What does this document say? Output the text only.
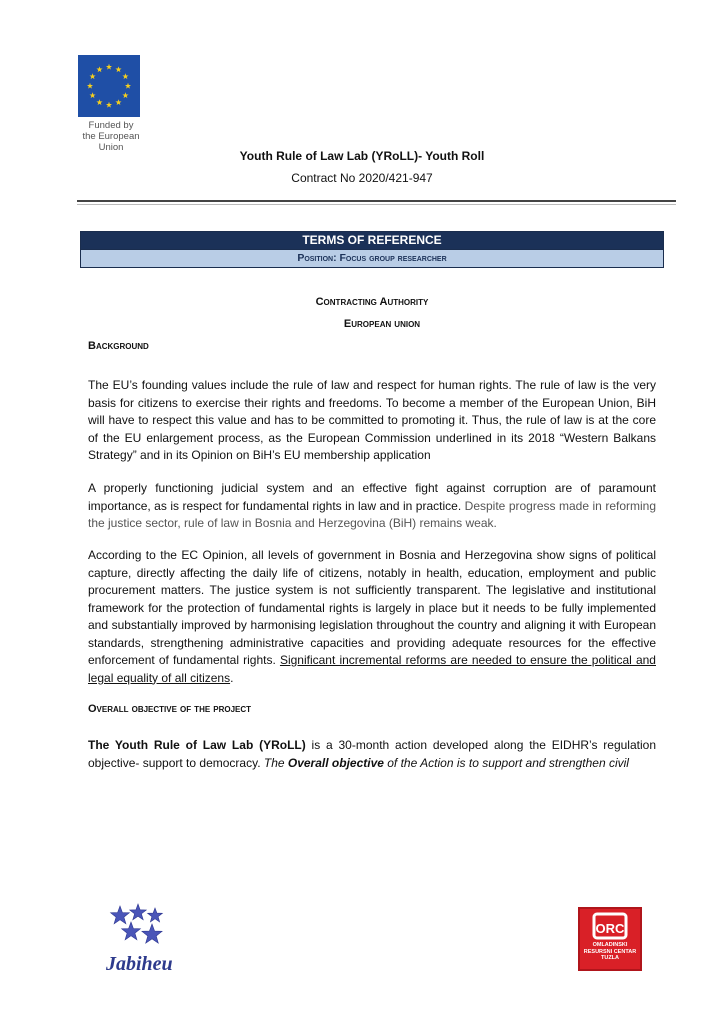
Funded by
the European Union
Youth Rule of Law Lab (YRoLL)- Youth Roll
Contract No 2020/421-947
TERMS OF REFERENCE
Position: Focus group researcher
Contracting Authority
European union
Background
The EU’s founding values include the rule of law and respect for human rights. The rule of law is the very basis for citizens to exercise their rights and freedoms. To become a member of the European Union, BiH will have to respect this value and has to be committed to promoting it. Thus, the rule of law is at the core of the EU enlargement process, as the European Commission underlined in its 2018 “Western Balkans Strategy” and in its Opinion on BiH’s EU membership application
A properly functioning judicial system and an effective fight against corruption are of paramount importance, as is respect for fundamental rights in law and in practice. Despite progress made in reforming the justice sector, rule of law in Bosnia and Herzegovina (BiH) remains weak.
According to the EC Opinion, all levels of government in Bosnia and Herzegovina show signs of political capture, directly affecting the daily life of citizens, notably in health, education, employment and public procurement matters. The justice system is not sufficiently transparent. The legislative and institutional framework for the protection of fundamental rights is largely in place but it needs to be fully implemented and substantially improved by harmonising legislation throughout the country and aligning it with European standards, strengthening administrative capacities and providing adequate resources for the effective enforcement of fundamental rights. Significant incremental reforms are needed to ensure the political and legal equality of all citizens.
Overall objective of the project
The Youth Rule of Law Lab (YRoLL) is a 30-month action developed along the EIDHR’s regulation objective- support to democracy. The Overall objective of the Action is to support and strengthen civil
Jabiheu
ORC
OMLADINSKI
RESURSNI CENTAR
TUZLA
